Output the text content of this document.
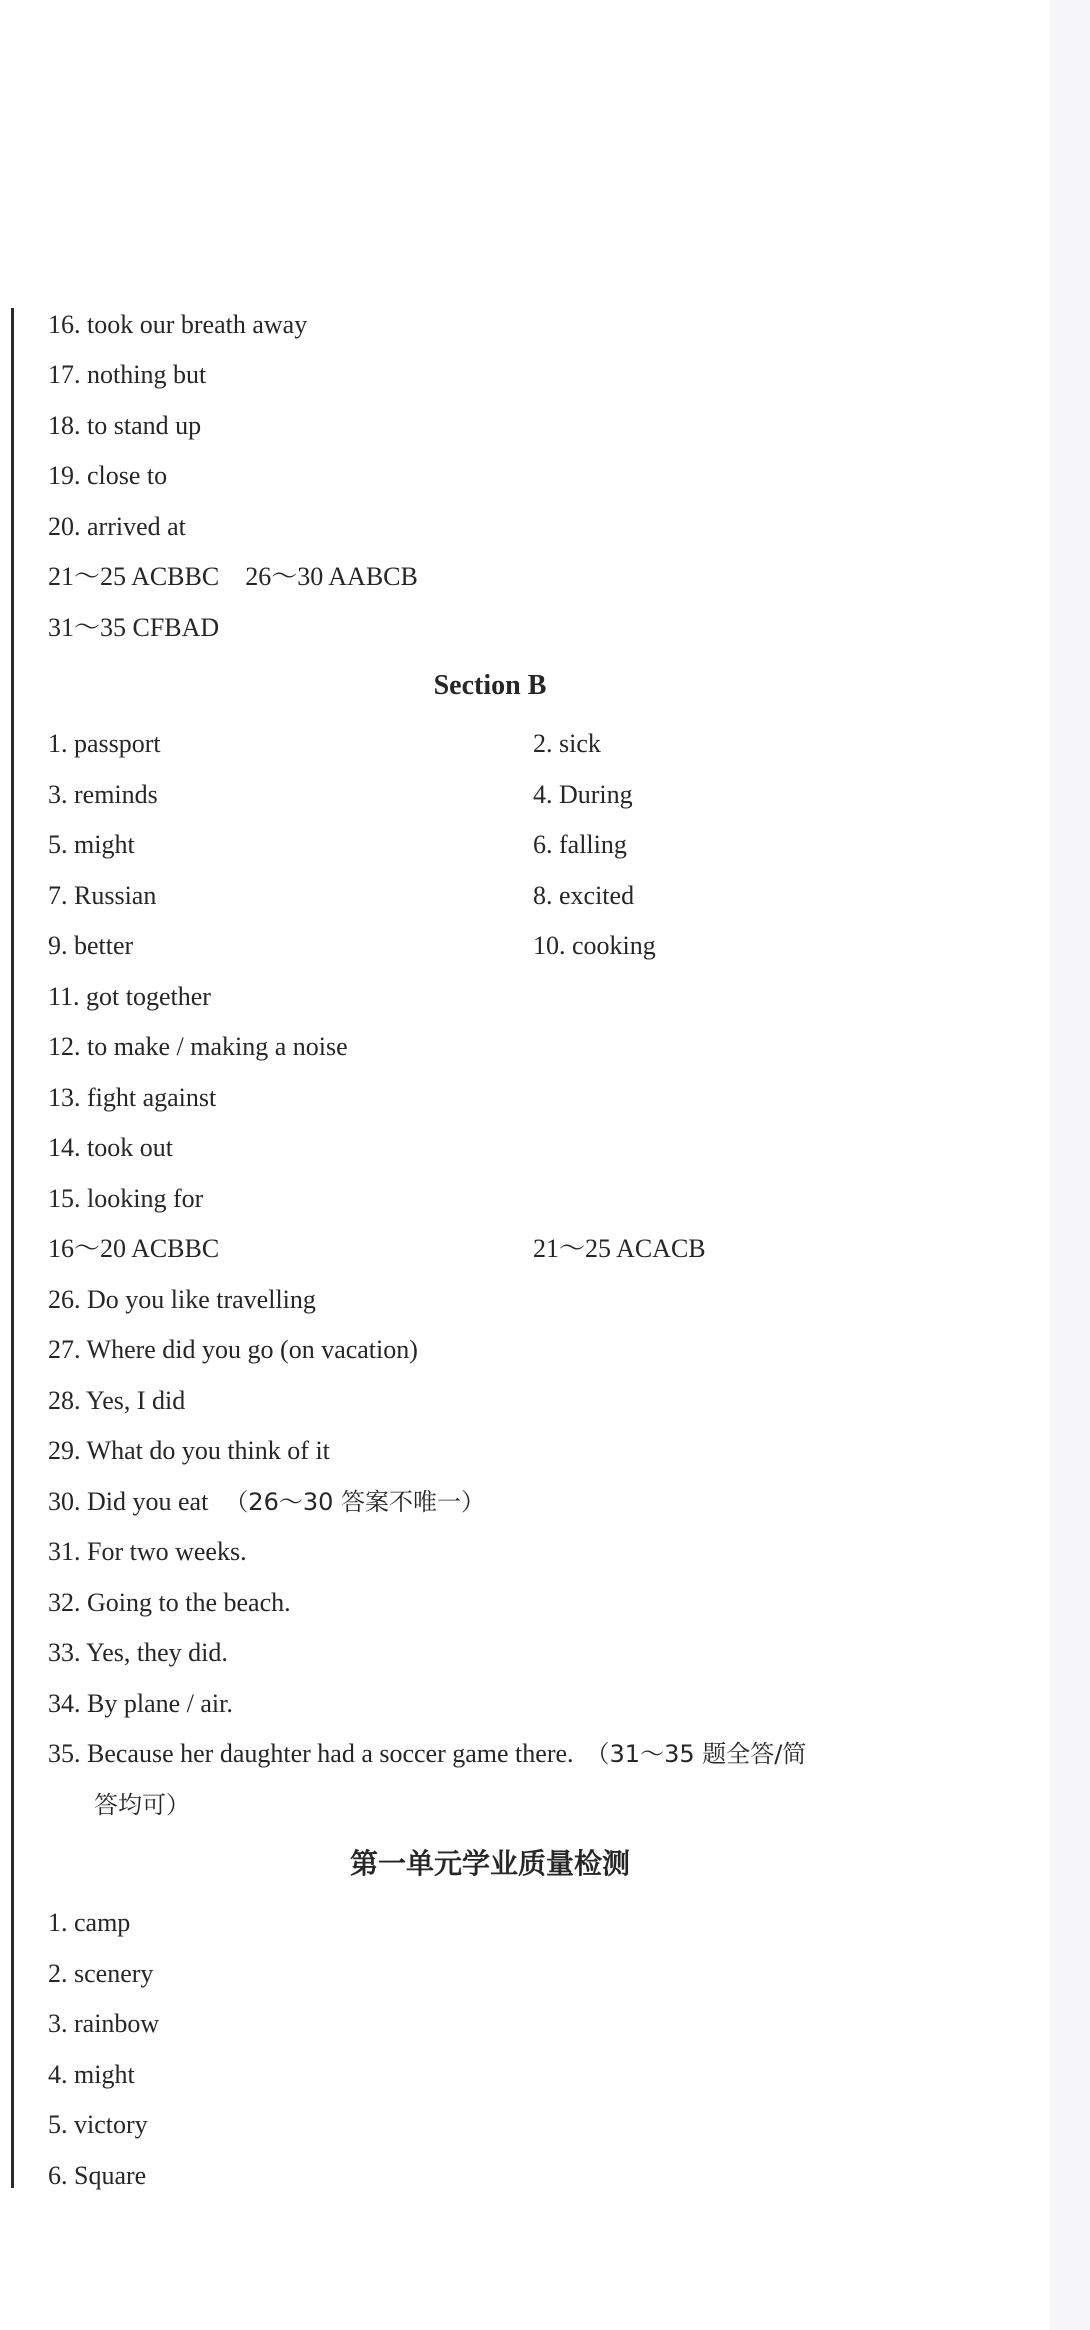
16. took our breath away
17. nothing but
18. to stand up
19. close to
20. arrived at
21～25 ACBBC　26～30 AABCB
31～35 CFBAD
Section B
1. passport	2. sick
3. reminds	4. During
5. might	6. falling
7. Russian	8. excited
9. better	10. cooking
11. got together
12. to make / making a noise
13. fight against
14. took out
15. looking for
16～20 ACBBC	21～25 ACACB
26. Do you like travelling
27. Where did you go (on vacation)
28. Yes, I did
29. What do you think of it
30. Did you eat （26～30 答案不唯一）
31. For two weeks.
32. Going to the beach.
33. Yes, they did.
34. By plane / air.
35. Because her daughter had a soccer game there. （31～35 题全答/简
答均可）
第一单元学业质量检测
1. camp
2. scenery
3. rainbow
4. might
5. victory
6. Square
